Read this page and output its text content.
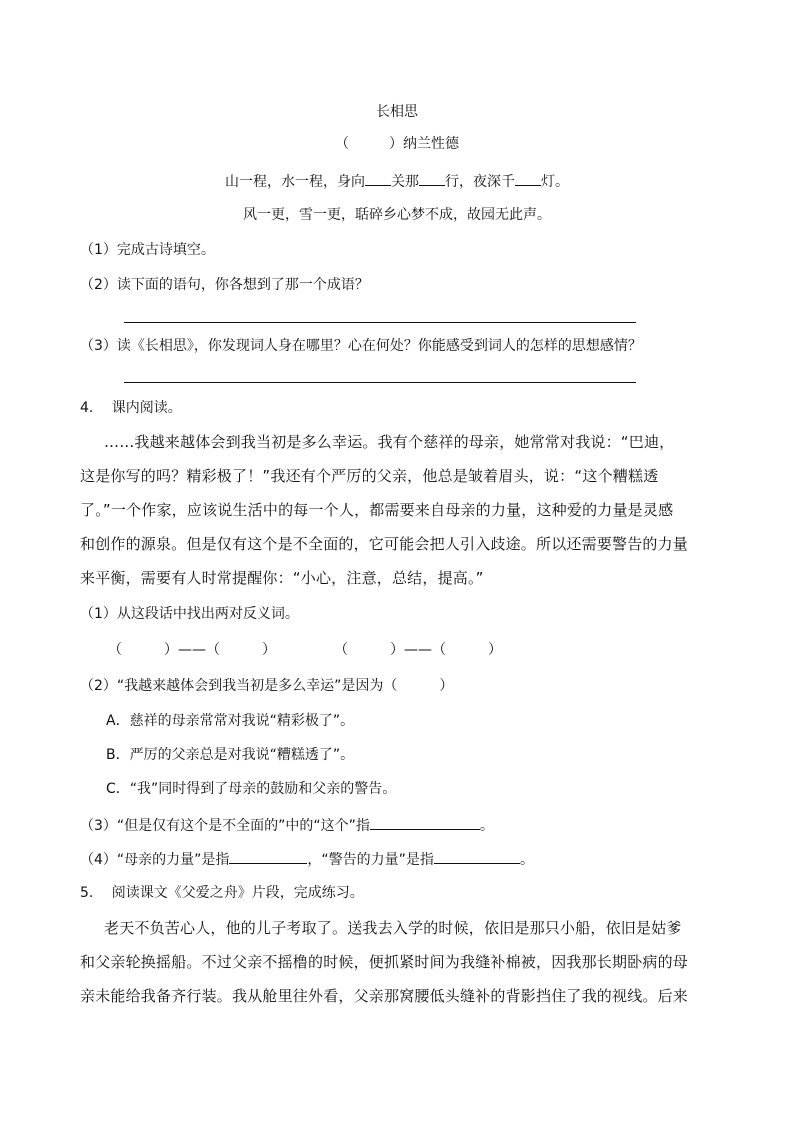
长相思
（	）纳兰性德
山一程，水一程，身向 关那 行，夜深千 灯。
风一更，雪一更，聒碎乡心梦不成，故园无此声。
（1）完成古诗填空。
（2）读下面的语句，你各想到了那一个成语？
（3）读《长相思》，你发现词人身在哪里？心在何处？你能感受到词人的怎样的思想感情？
4.　 课内阅读。
……我越来越体会到我当初是多么幸运。我有个慈祥的母亲，她常常对我说：“巴迪，
这是你写的吗？精彩极了！”我还有个严厉的父亲，他总是皱着眉头，说：“这个糟糕透
了。”一个作家，应该说生活中的每一个人，都需要来自母亲的力量，这种爱的力量是灵感
和创作的源泉。但是仅有这个是不全面的，它可能会把人引入歧途。所以还需要警告的力量
来平衡，需要有人时常提醒你：“小心，注意，总结，提高。”
（1）从这段话中找出两对反义词。
（　　　）——（　　　）	（　　　）——（　　　）
（2）“我越来越体会到我当初是多么幸运”是因为（　　　）
A．慈祥的母亲常常对我说“精彩极了”。
B．严厉的父亲总是对我说“糟糕透了”。
C．“我”同时得到了母亲的鼓励和父亲的警告。
（3）“但是仅有这个是不全面的”中的“这个”指	。
（4）“母亲的力量”是指	，“警告的力量”是指	。
5.　 阅读课文《父爱之舟》片段，完成练习。
老天不负苦心人，他的儿子考取了。送我去入学的时候，依旧是那只小船，依旧是姑爹
和父亲轮换摇船。不过父亲不摇橹的时候，便抓紧时间为我缝补棉被，因我那长期卧病的母
亲未能给我备齐行装。我从舱里往外看，父亲那窝腰低头缝补的背影挡住了我的视线。后来
